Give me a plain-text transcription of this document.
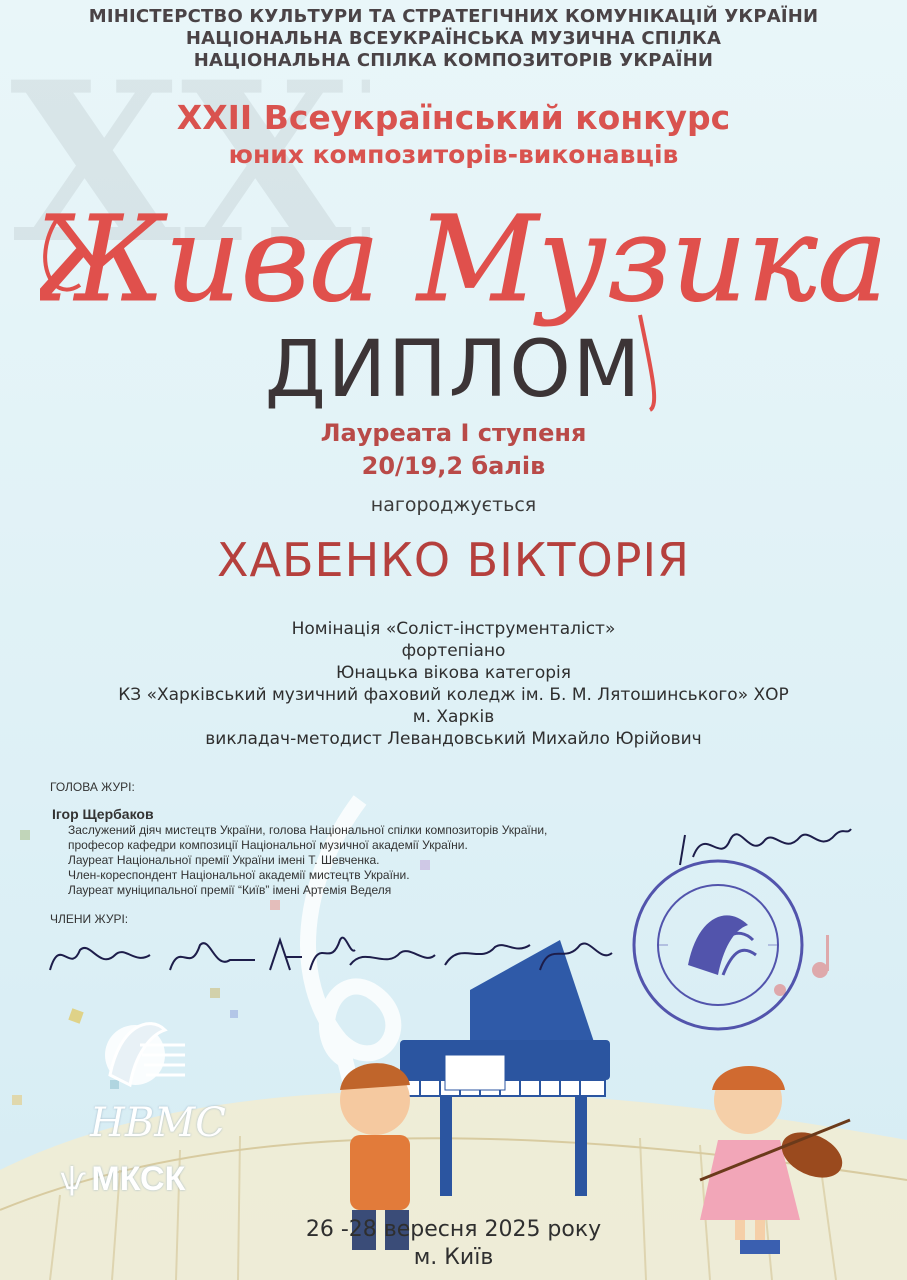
XX
МІНІСТЕРСТВО КУЛЬТУРИ ТА СТРАТЕГІЧНИХ КОМУНІКАЦІЙ УКРАЇНИ
НАЦІОНАЛЬНА ВСЕУКРАЇНСЬКА МУЗИЧНА СПІЛКА
НАЦІОНАЛЬНА СПІЛКА КОМПОЗИТОРІВ УКРАЇНИ
XXII Всеукраїнський конкурс
юних композиторів-виконавців
Жива Музика
ДИПЛОМ
Лауреата І ступеня
20/19,2 балів
нагороджується
ХАБЕНКО ВІКТОРІЯ
Номінація «Соліст-інструменталіст»
фортепіано
Юнацька вікова категорія
КЗ «Харківський музичний фаховий коледж ім. Б. М. Лятошинського» ХОР
м. Харків
викладач-методист Левандовський Михайло Юрійович
ГОЛОВА ЖУРІ:
Ігор Щербаков
Заслужений діяч мистецтв України, голова Національної спілки композиторів України,
професор кафедри композиції Національної музичної академії України.
Лауреат Національної премії України імені Т. Шевченка.
Член-кореспондент Національної академії мистецтв України.
Лауреат муніципальної премії “Київ” імені Артемія Веделя
ЧЛЕНИ ЖУРІ:
НВМС
ѱ МКСК
26 -28 вересня 2025 року
м. Київ
